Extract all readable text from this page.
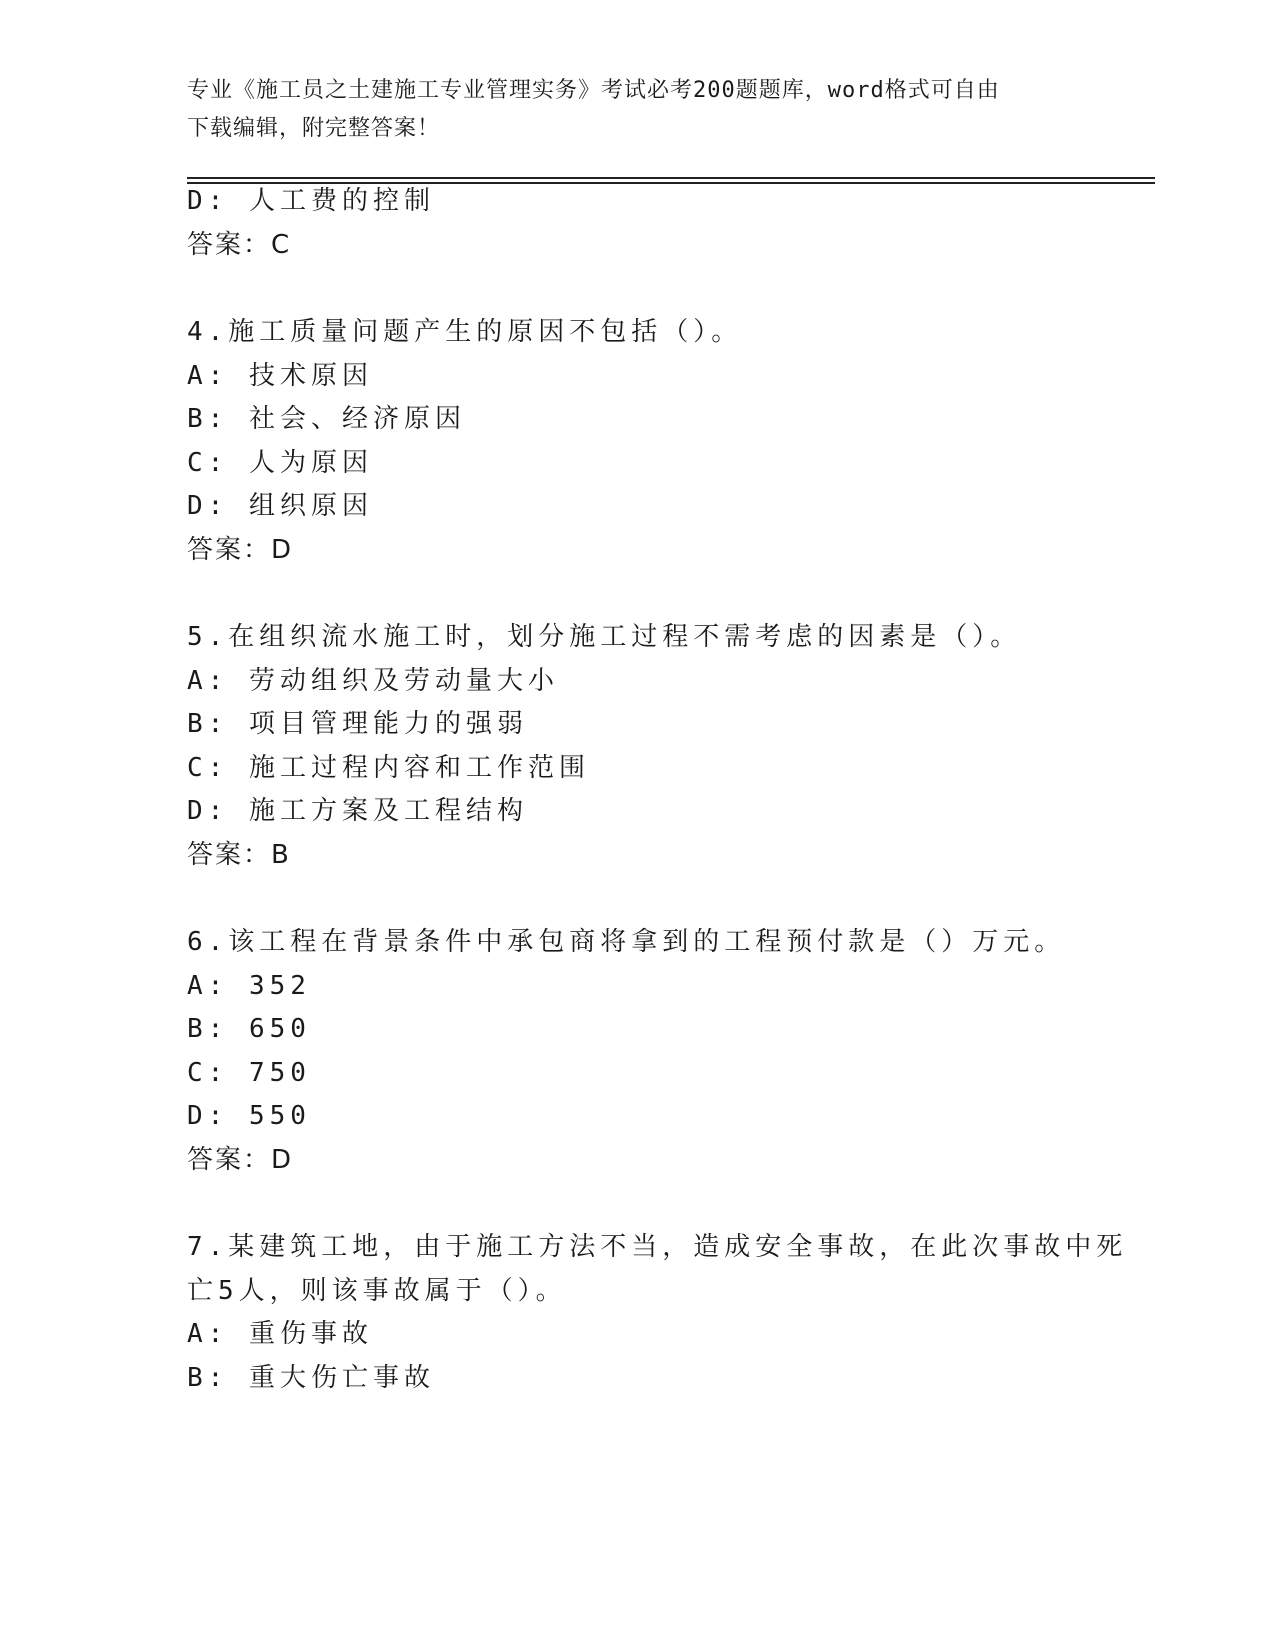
专业《施工员之土建施工专业管理实务》考试必考200题题库，word格式可自由
下载编辑，附完整答案！
D: 人工费的控制
答案：C
4.施工质量问题产生的原因不包括（）。
A: 技术原因
B: 社会、经济原因
C: 人为原因
D: 组织原因
答案：D
5.在组织流水施工时，划分施工过程不需考虑的因素是（）。
A: 劳动组织及劳动量大小
B: 项目管理能力的强弱
C: 施工过程内容和工作范围
D: 施工方案及工程结构
答案：B
6.该工程在背景条件中承包商将拿到的工程预付款是（）万元。
A: 352
B: 650
C: 750
D: 550
答案：D
7.某建筑工地，由于施工方法不当，造成安全事故，在此次事故中死
亡5人，则该事故属于（）。
A: 重伤事故
B: 重大伤亡事故
